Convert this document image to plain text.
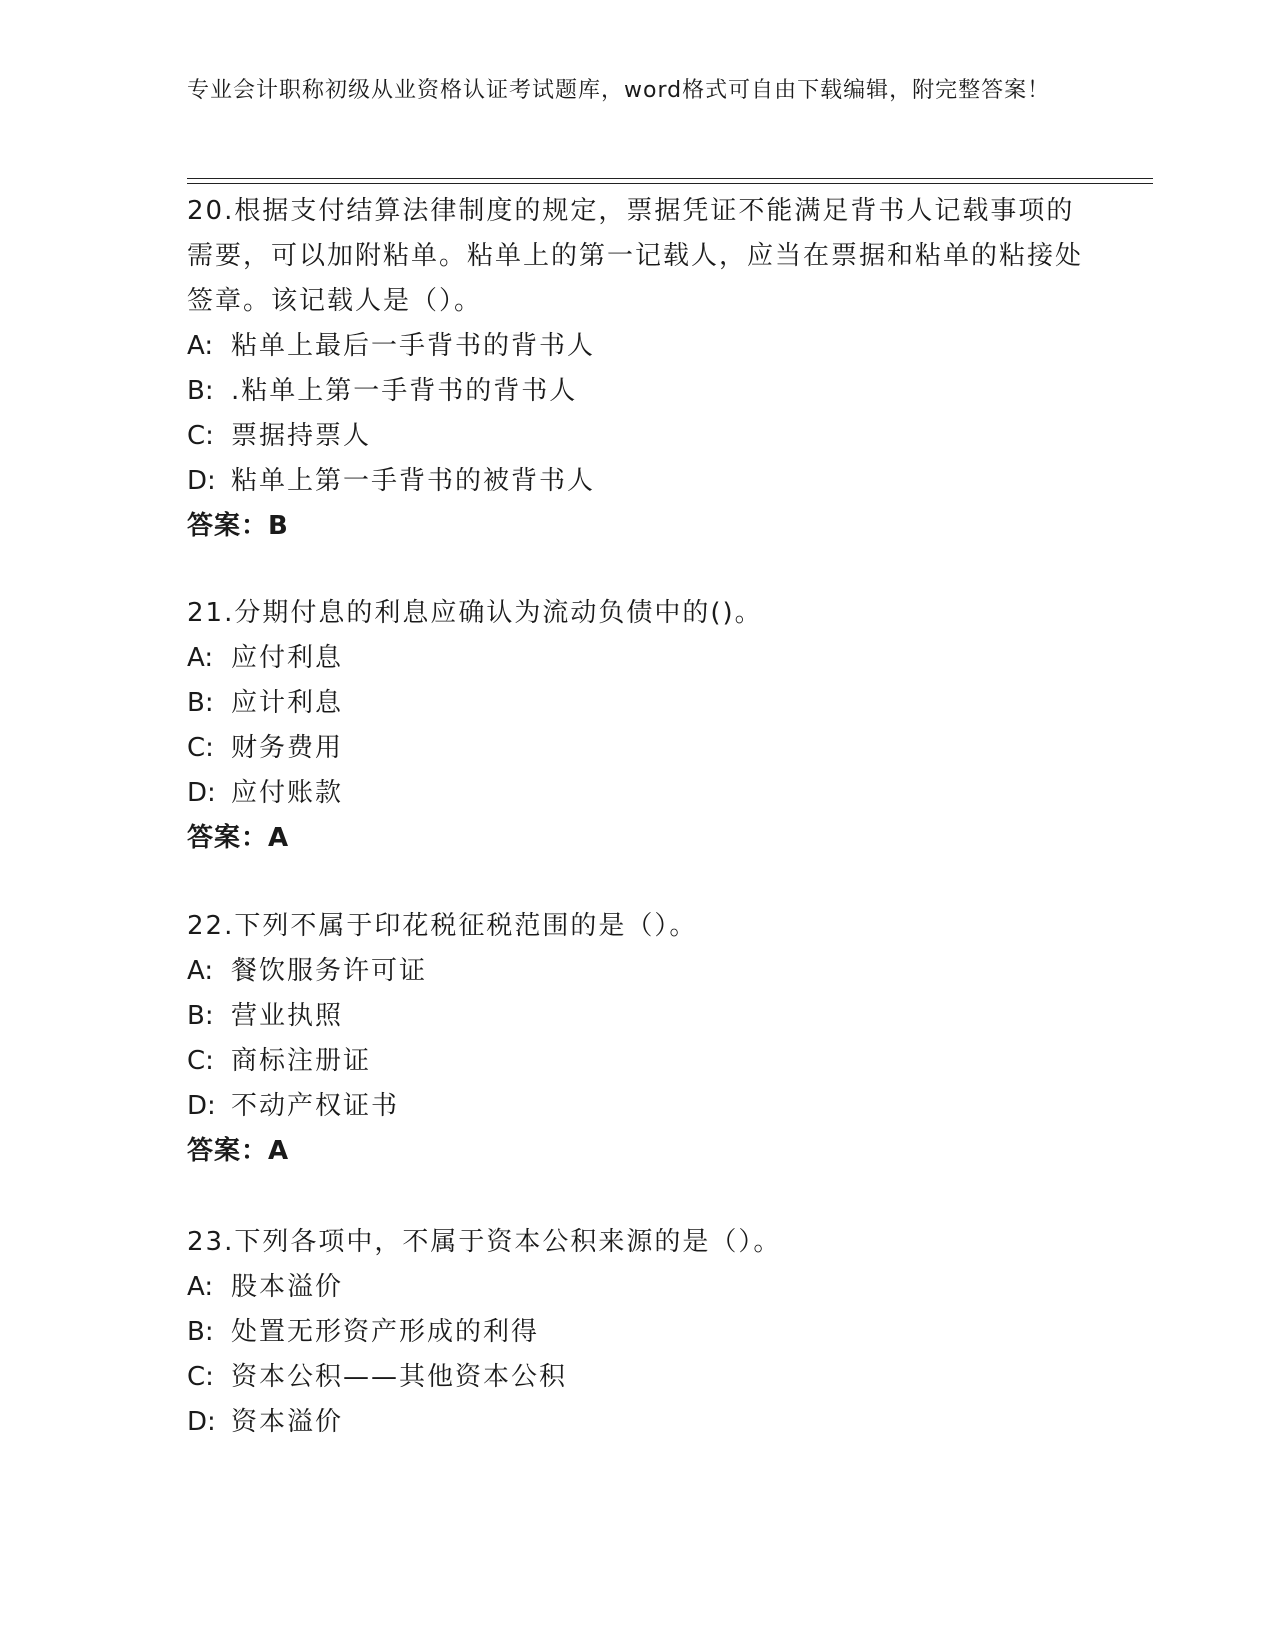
专业会计职称初级从业资格认证考试题库，word格式可自由下载编辑，附完整答案！

20.根据支付结算法律制度的规定，票据凭证不能满足背书人记载事项的需要，可以加附粘单。粘单上的第一记载人，应当在票据和粘单的粘接处签章。该记载人是（）。

A: 粘单上最后一手背书的背书人
B: .粘单上第一手背书的背书人
C: 票据持票人
D: 粘单上第一手背书的被背书人
答案：B

21.分期付息的利息应确认为流动负债中的()。

A: 应付利息
B: 应计利息
C: 财务费用
D: 应付账款
答案：A

22.下列不属于印花税征税范围的是（）。

A: 餐饮服务许可证
B: 营业执照
C: 商标注册证
D: 不动产权证书
答案：A

23.下列各项中，不属于资本公积来源的是（）。

A: 股本溢价
B: 处置无形资产形成的利得
C: 资本公积——其他资本公积
D: 资本溢价
